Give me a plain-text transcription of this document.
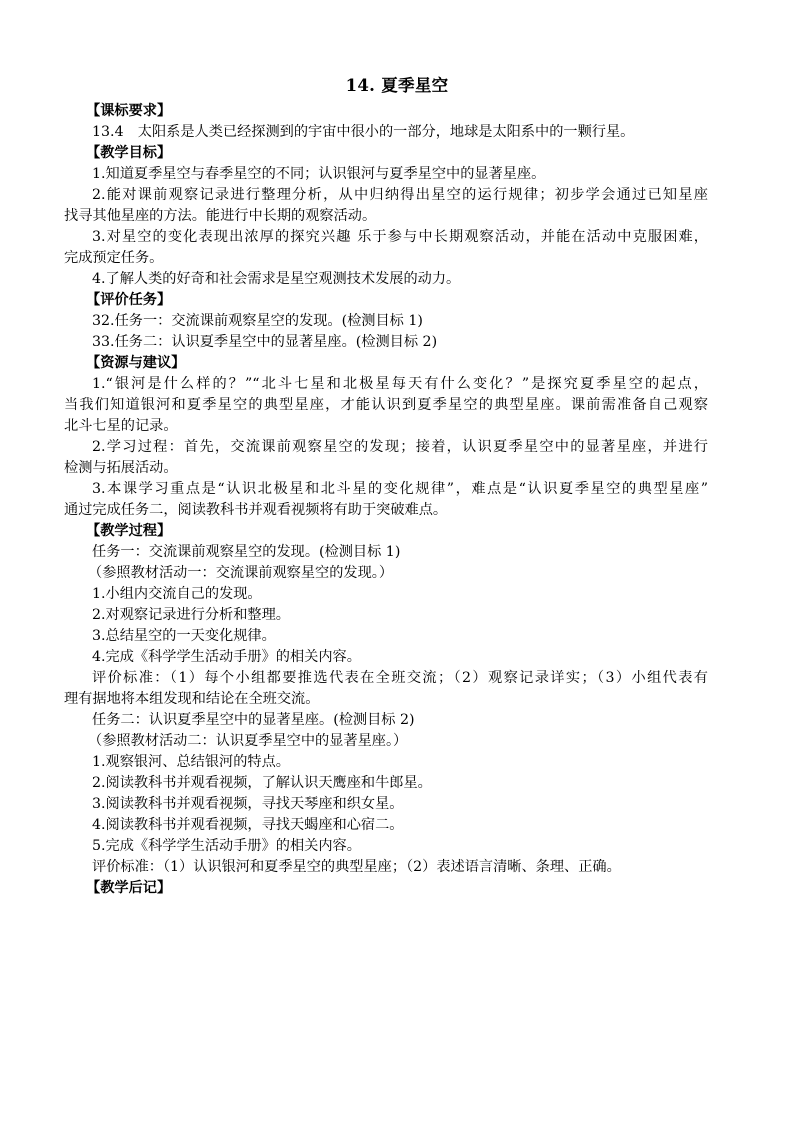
14. 夏季星空
【课标要求】
13.4　太阳系是人类已经探测到的宇宙中很小的一部分，地球是太阳系中的一颗行星。
【教学目标】
1.知道夏季星空与春季星空的不同；认识银河与夏季星空中的显著星座。
2.能对课前观察记录进行整理分析，从中归纳得出星空的运行规律；初步学会通过已知星座
找寻其他星座的方法。能进行中长期的观察活动。
3.对星空的变化表现出浓厚的探究兴趣 乐于参与中长期观察活动，并能在活动中克服困难，
完成预定任务。
4.了解人类的好奇和社会需求是星空观测技术发展的动力。
【评价任务】
32.任务一：交流课前观察星空的发现。(检测目标 1)
33.任务二：认识夏季星空中的显著星座。(检测目标 2)
【资源与建议】
1.“银河是什么样的？”“北斗七星和北极星每天有什么变化？”是探究夏季星空的起点，
当我们知道银河和夏季星空的典型星座，才能认识到夏季星空的典型星座。课前需准备自己观察
北斗七星的记录。
2.学习过程：首先，交流课前观察星空的发现；接着，认识夏季星空中的显著星座，并进行
检测与拓展活动。
3.本课学习重点是“认识北极星和北斗星的变化规律”，难点是“认识夏季星空的典型星座”
通过完成任务二，阅读教科书并观看视频将有助于突破难点。
【教学过程】
任务一：交流课前观察星空的发现。(检测目标 1)
（参照教材活动一：交流课前观察星空的发现。）
1.小组内交流自己的发现。
2.对观察记录进行分析和整理。
3.总结星空的一天变化规律。
4.完成《科学学生活动手册》的相关内容。
评价标准：（1）每个小组都要推选代表在全班交流；（2）观察记录详实；（3）小组代表有
理有据地将本组发现和结论在全班交流。
任务二：认识夏季星空中的显著星座。(检测目标 2)
（参照教材活动二：认识夏季星空中的显著星座。）
1.观察银河、总结银河的特点。
2.阅读教科书并观看视频，了解认识天鹰座和牛郎星。
3.阅读教科书并观看视频，寻找天琴座和织女星。
4.阅读教科书并观看视频，寻找天蝎座和心宿二。
5.完成《科学学生活动手册》的相关内容。
评价标准：（1）认识银河和夏季星空的典型星座；（2）表述语言清晰、条理、正确。
【教学后记】
